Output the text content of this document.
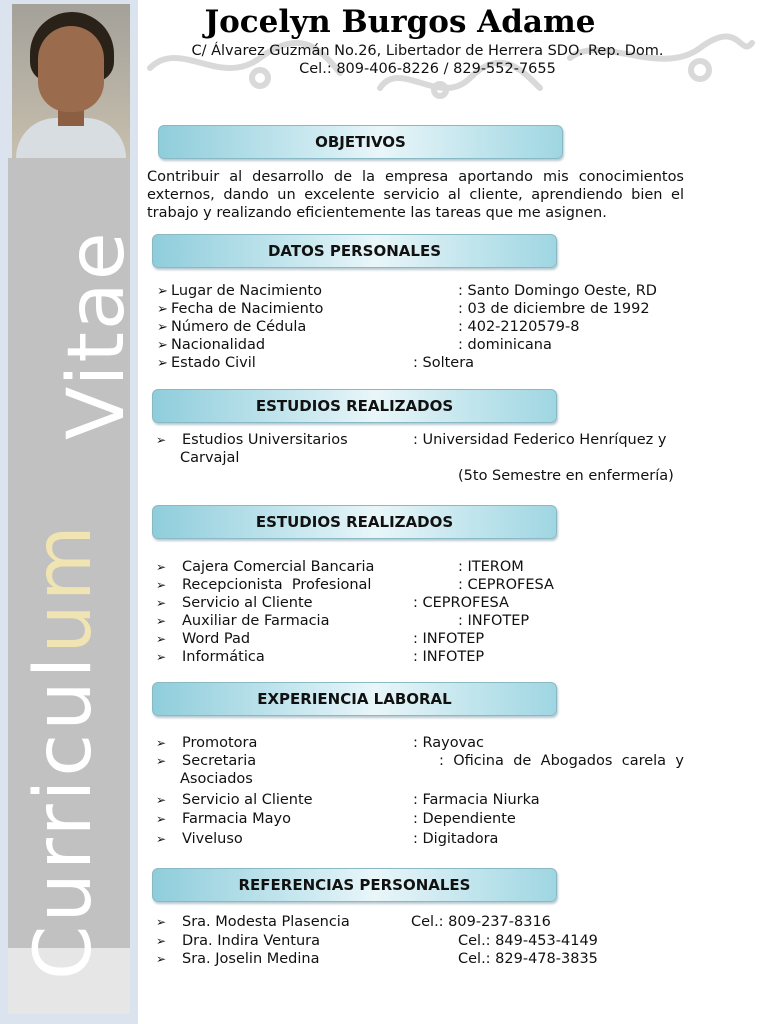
Curriculum
Vitae
Jocelyn Burgos Adame
C/ Álvarez Guzmán No.26, Libertador de Herrera SDO. Rep. Dom.
Cel.: 809-406-8226 / 829-552-7655
OBJETIVOS
Contribuir al desarrollo de la empresa aportando mis conocimientos externos, dando un excelente servicio al cliente, aprendiendo bien el trabajo y realizando eficientemente las tareas que me asignen.
DATOS PERSONALES
➢ Lugar de Nacimiento	: Santo Domingo Oeste, RD
➢ Fecha de Nacimiento	: 03 de diciembre de 1992
➢ Número de Cédula	: 402-2120579-8
➢ Nacionalidad	: dominicana
➢ Estado Civil	: Soltera
ESTUDIOS REALIZADOS
➢ Estudios Universitarios	: Universidad Federico Henríquez y
Carvajal
(5to Semestre en enfermería)
ESTUDIOS REALIZADOS
➢ Cajera Comercial Bancaria	: ITEROM
➢ Recepcionista  Profesional	: CEPROFESA
➢ Servicio al Cliente	: CEPROFESA
➢ Auxiliar de Farmacia	: INFOTEP
➢ Word Pad	: INFOTEP
➢ Informática	: INFOTEP
EXPERIENCIA LABORAL
➢ Promotora	: Rayovac
➢ Secretaria	: Oficina de Abogados carela y
Asociados
➢ Servicio al Cliente	: Farmacia Niurka
➢ Farmacia Mayo	: Dependiente
➢ Viveluso	: Digitadora
REFERENCIAS PERSONALES
➢ Sra. Modesta Plasencia	Cel.: 809-237-8316
➢ Dra. Indira Ventura	Cel.: 849-453-4149
➢ Sra. Joselin Medina	Cel.: 829-478-3835
